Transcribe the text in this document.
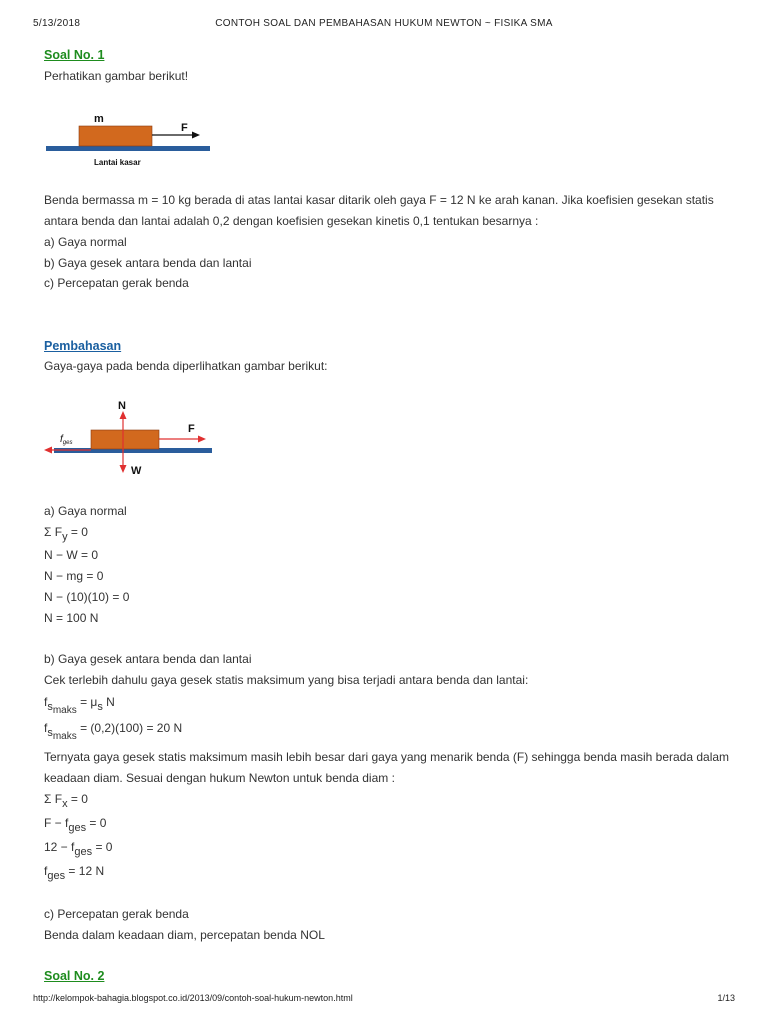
5/13/2018	CONTOH SOAL DAN PEMBAHASAN HUKUM NEWTON ~ FISIKA SMA
Soal No. 1
Perhatikan gambar berikut!
m
F
Lantai kasar
Benda bermassa m = 10 kg berada di atas lantai kasar ditarik oleh gaya F = 12 N ke arah kanan. Jika koefisien gesekan statis antara benda dan lantai adalah 0,2 dengan koefisien gesekan kinetis 0,1 tentukan besarnya :
a) Gaya normal
b) Gaya gesek antara benda dan lantai
c) Percepatan gerak benda
Pembahasan
Gaya-gaya pada benda diperlihatkan gambar berikut:
N
W
F
$f_{ges}$
a) Gaya normal
Σ $F_y = 0$
N − W = 0
N − mg = 0
N − (10)(10) = 0
N = 100 N
b) Gaya gesek antara benda dan lantai
Cek terlebih dahulu gaya gesek statis maksimum yang bisa terjadi antara benda dan lantai:
$f_{smaks} = \mu_s$ N
$f_{smaks} = (0,2)(100) = 20$ N
Ternyata gaya gesek statis maksimum masih lebih besar dari gaya yang menarik benda (F) sehingga benda masih berada dalam keadaan diam. Sesuai dengan hukum Newton untuk benda diam :
Σ $F_x = 0$
$F - f_{ges} = 0$
$12 - f_{ges} = 0$
$f_{ges} = 12$ N
c) Percepatan gerak benda
Benda dalam keadaan diam, percepatan benda NOL
Soal No. 2
http://kelompok-bahagia.blogspot.co.id/2013/09/contoh-soal-hukum-newton.html	1/13
